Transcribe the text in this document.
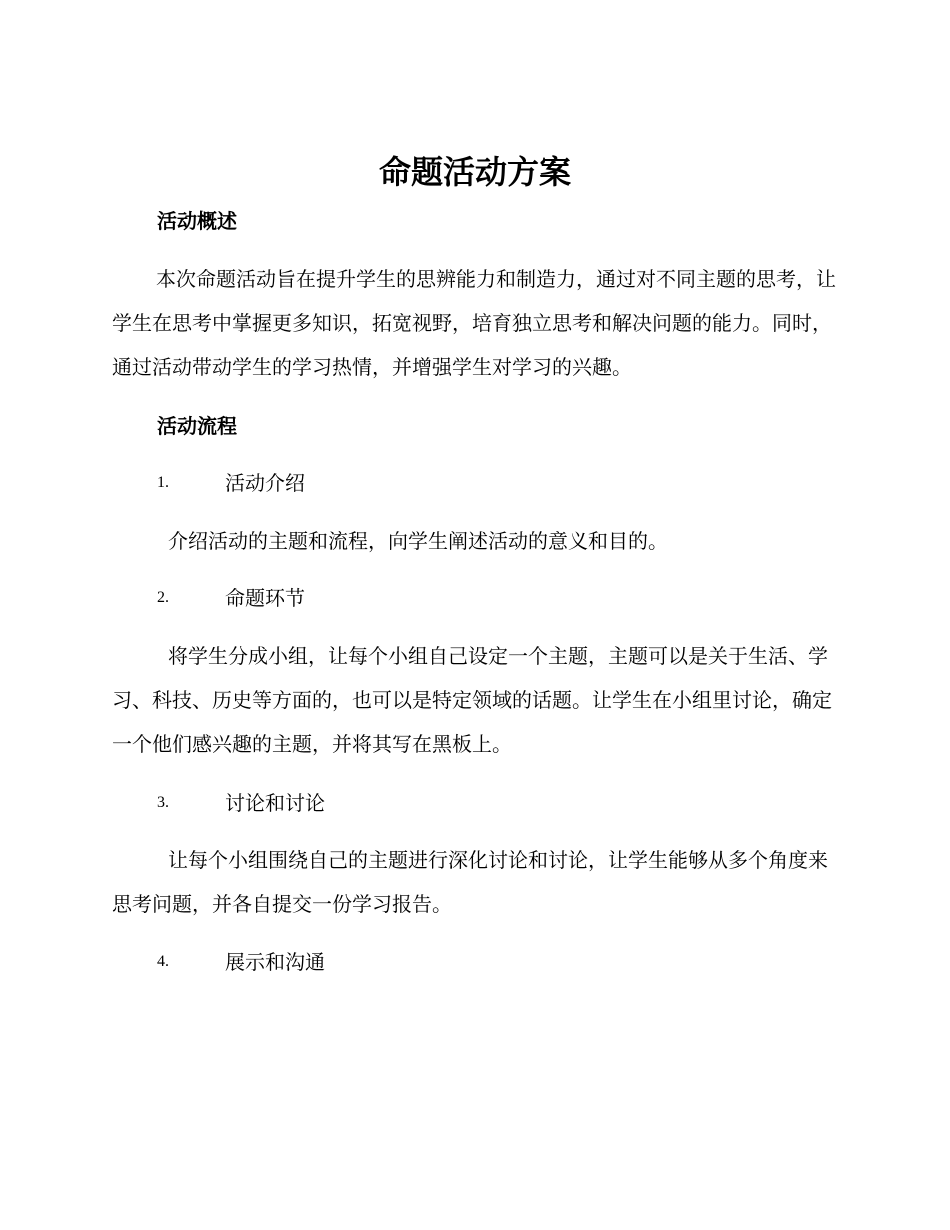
命题活动方案
活动概述

本次命题活动旨在提升学生的思辨能力和制造力，通过对不同主题的思考，让学生在思考中掌握更多知识，拓宽视野，培育独立思考和解决问题的能力。同时，通过活动带动学生的学习热情，并增强学生对学习的兴趣。

活动流程
1.	活动介绍

介绍活动的主题和流程，向学生阐述活动的意义和目的。

2.	命题环节

将学生分成小组，让每个小组自己设定一个主题，主题可以是关于生活、学习、科技、历史等方面的，也可以是特定领域的话题。让学生在小组里讨论，确定一个他们感兴趣的主题，并将其写在黑板上。

3.	讨论和讨论

让每个小组围绕自己的主题进行深化讨论和讨论，让学生能够从多个角度来思考问题，并各自提交一份学习报告。

4.	展示和沟通
